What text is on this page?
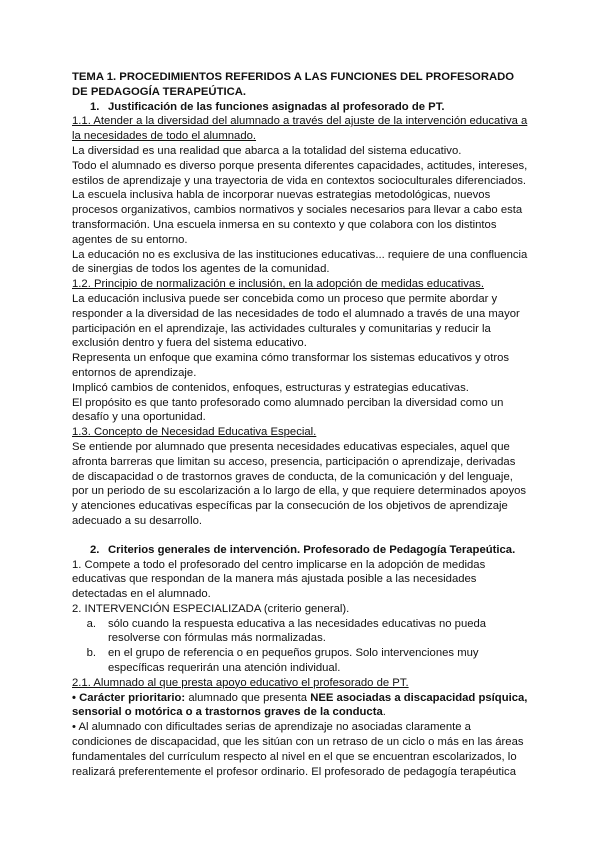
TEMA 1. PROCEDIMIENTOS REFERIDOS A LAS FUNCIONES DEL PROFESORADO DE PEDAGOGÍA TERAPEÚTICA.

1. Justificación de las funciones asignadas al profesorado de PT.

1.1. Atender a la diversidad del alumnado a través del ajuste de la intervención educativa a la necesidades de todo el alumnado.

La diversidad es una realidad que abarca a la totalidad del sistema educativo.

Todo el alumnado es diverso porque presenta diferentes capacidades, actitudes, intereses, estilos de aprendizaje y una trayectoria de vida en contextos socioculturales diferenciados.

La escuela inclusiva habla de incorporar nuevas estrategias metodológicas, nuevos procesos organizativos, cambios normativos y sociales necesarios para llevar a cabo esta transformación. Una escuela inmersa en su contexto y que colabora con los distintos agentes de su entorno.

La educación no es exclusiva de las instituciones educativas... requiere de una confluencia de sinergias de todos los agentes de la comunidad.

1.2. Principio de normalización e inclusión, en la adopción de medidas educativas.

La educación inclusiva puede ser concebida como un proceso que permite abordar y responder a la diversidad de las necesidades de todo el alumnado a través de una mayor participación en el aprendizaje, las actividades culturales y comunitarias y reducir la exclusión dentro y fuera del sistema educativo.

Representa un enfoque que examina cómo transformar los sistemas educativos y otros entornos de aprendizaje.

Implicó cambios de contenidos, enfoques, estructuras y estrategias educativas.

El propósito es que tanto profesorado como alumnado perciban la diversidad como un desafío y una oportunidad.

1.3. Concepto de Necesidad Educativa Especial.

Se entiende por alumnado que presenta necesidades educativas especiales, aquel que afronta barreras que limitan su acceso, presencia, participación o aprendizaje, derivadas de discapacidad o de trastornos graves de conducta, de la comunicación y del lenguaje, por un periodo de su escolarización a lo largo de ella, y que requiere determinados apoyos y atenciones educativas específicas par la consecución de los objetivos de aprendizaje adecuado a su desarrollo.

2. Criterios generales de intervención. Profesorado de Pedagogía Terapeútica.

1. Compete a todo el profesorado del centro implicarse en la adopción de medidas educativas que respondan de la manera más ajustada posible a las necesidades detectadas en el alumnado.

2. INTERVENCIÓN ESPECIALIZADA (criterio general).

a.	sólo cuando la respuesta educativa a las necesidades educativas no pueda resolverse con fórmulas más normalizadas.
b.	en el grupo de referencia o en pequeños grupos. Solo intervenciones muy específicas requerirán una atención individual.

2.1. Alumnado al que presta apoyo educativo el profesorado de PT.

• Carácter prioritario: alumnado que presenta NEE asociadas a discapacidad psíquica, sensorial o motórica o a trastornos graves de la conducta.

• Al alumnado con dificultades serias de aprendizaje no asociadas claramente a condiciones de discapacidad, que les sitúan con un retraso de un ciclo o más en las áreas fundamentales del currículum respecto al nivel en el que se encuentran escolarizados, lo realizará preferentemente el profesor ordinario. El profesorado de pedagogía terapéutica
